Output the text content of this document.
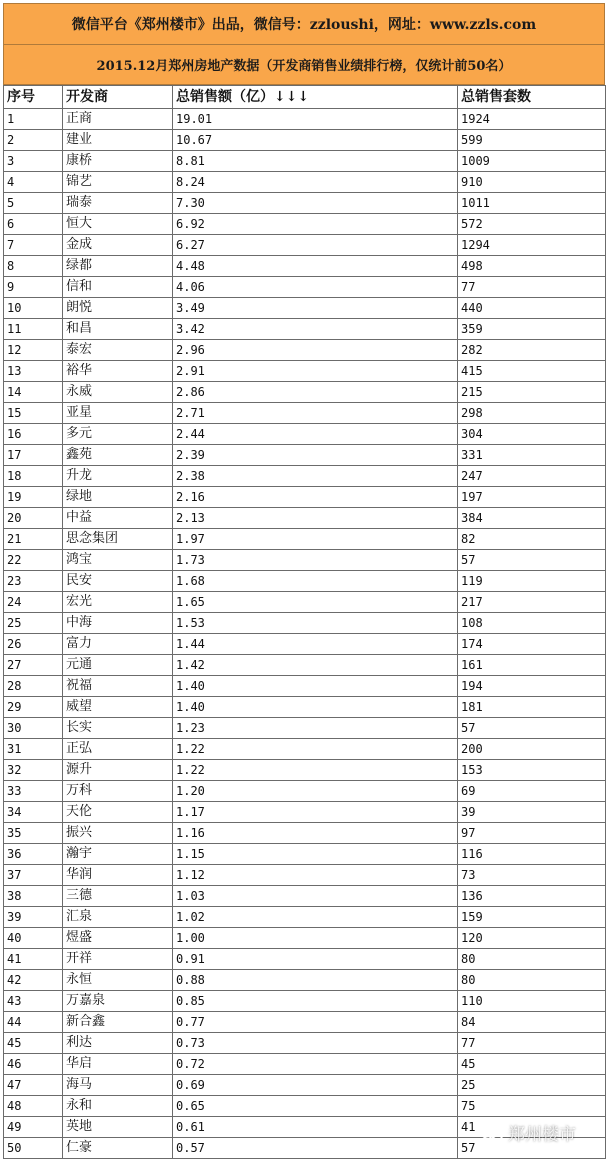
微信平台《郑州楼市》出品，微信号：zzloushi，网址：www.zzls.com
2015.12月郑州房地产数据（开发商销售业绩排行榜，仅统计前50名）
序号	开发商	总销售额（亿）↓↓↓	总销售套数
1	正商	19.01	1924
2	建业	10.67	599
3	康桥	8.81	1009
4	锦艺	8.24	910
5	瑞泰	7.30	1011
6	恒大	6.92	572
7	金成	6.27	1294
8	绿都	4.48	498
9	信和	4.06	77
10	朗悦	3.49	440
11	和昌	3.42	359
12	泰宏	2.96	282
13	裕华	2.91	415
14	永威	2.86	215
15	亚星	2.71	298
16	多元	2.44	304
17	鑫苑	2.39	331
18	升龙	2.38	247
19	绿地	2.16	197
20	中益	2.13	384
21	思念集团	1.97	82
22	鸿宝	1.73	57
23	民安	1.68	119
24	宏光	1.65	217
25	中海	1.53	108
26	富力	1.44	174
27	元通	1.42	161
28	祝福	1.40	194
29	威望	1.40	181
30	长实	1.23	57
31	正弘	1.22	200
32	源升	1.22	153
33	万科	1.20	69
34	天伦	1.17	39
35	振兴	1.16	97
36	瀚宇	1.15	116
37	华润	1.12	73
38	三德	1.03	136
39	汇泉	1.02	159
40	煜盛	1.00	120
41	开祥	0.91	80
42	永恒	0.88	80
43	万嘉泉	0.85	110
44	新合鑫	0.77	84
45	利达	0.73	77
46	华启	0.72	45
47	海马	0.69	25
48	永和	0.65	75
49	英地	0.61	41
50	仁豪	0.57	57
郑州楼市
